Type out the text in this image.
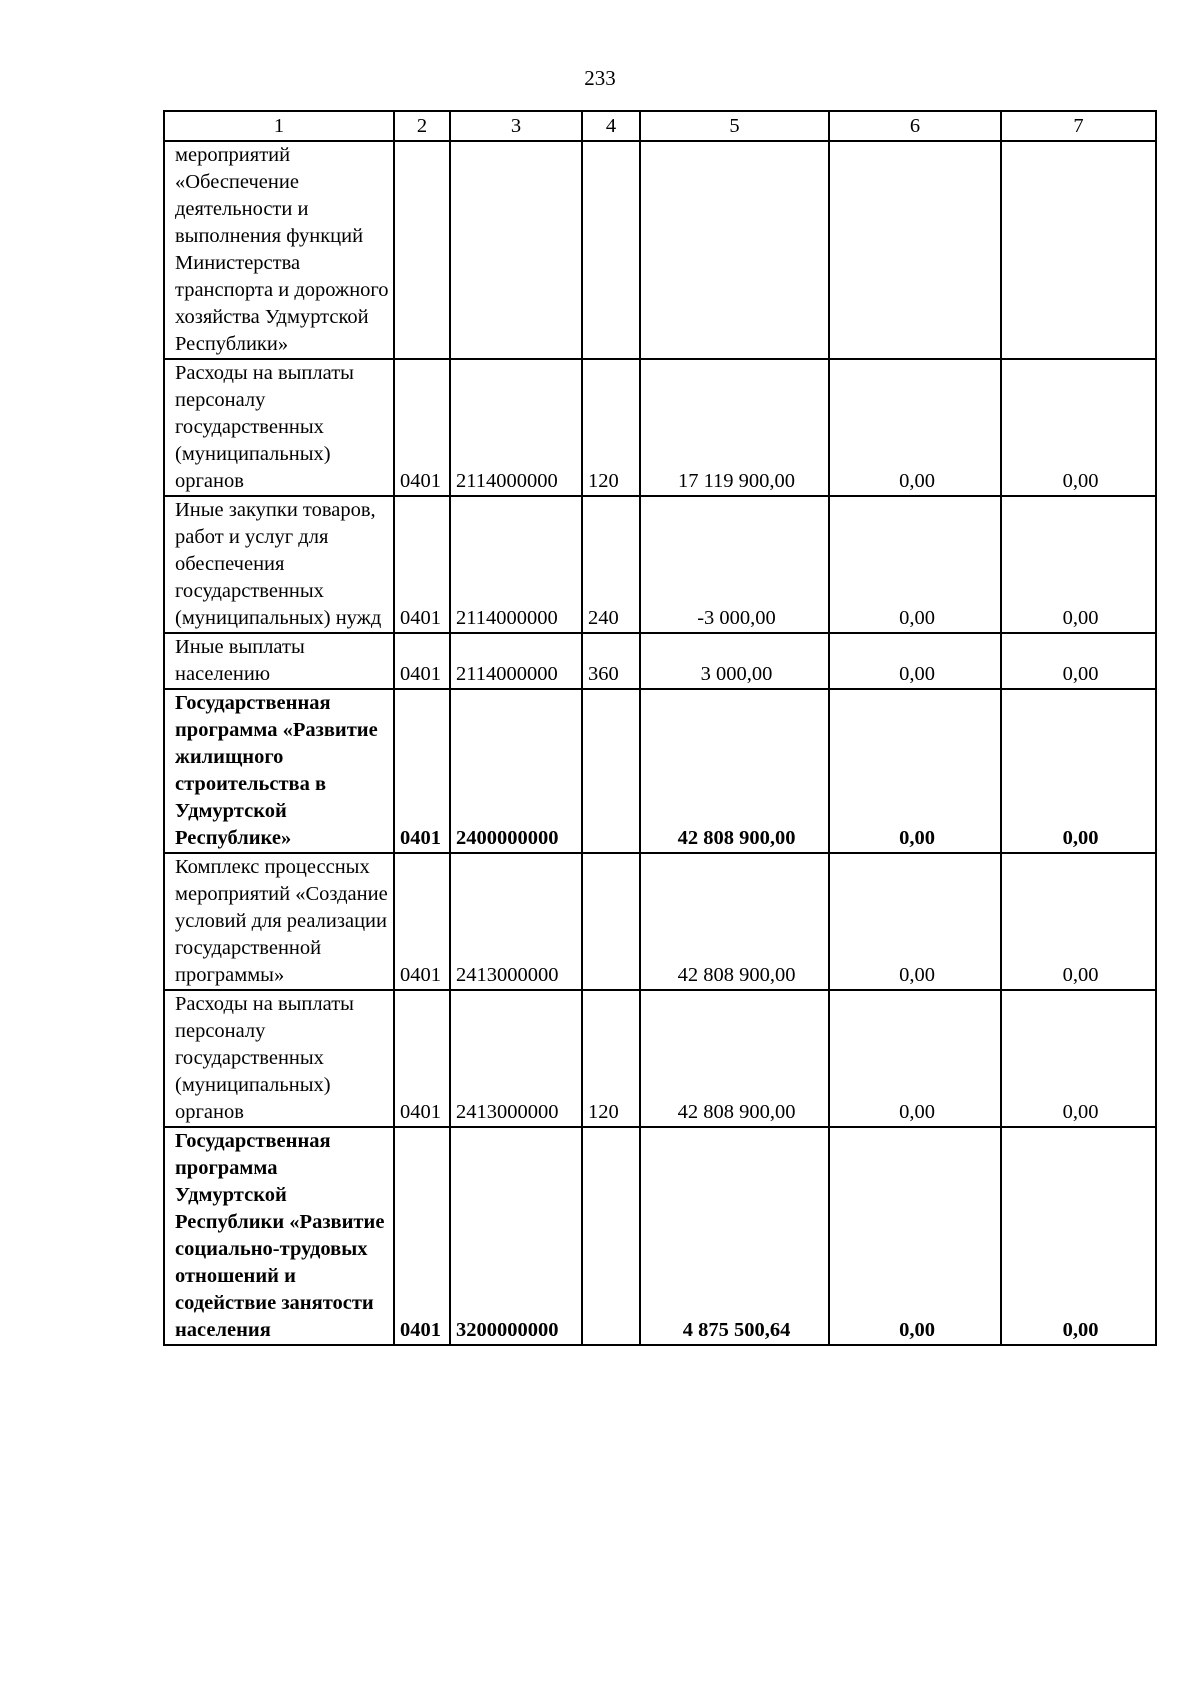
233
1	2	3	4	5	6	7
мероприятий «Обеспечение деятельности и выполнения функций Министерства транспорта и дорожного хозяйства Удмуртской Республики»						
Расходы на выплаты персоналу государственных (муниципальных) органов	0401	2114000000	120	17 119 900,00	0,00	0,00
Иные закупки товаров, работ и услуг для обеспечения государственных (муниципальных) нужд	0401	2114000000	240	-3 000,00	0,00	0,00
Иные выплаты населению	0401	2114000000	360	3 000,00	0,00	0,00
Государственная программа «Развитие жилищного строительства в Удмуртской Республике»	0401	2400000000		42 808 900,00	0,00	0,00
Комплекс процессных мероприятий «Создание условий для реализации государственной программы»	0401	2413000000		42 808 900,00	0,00	0,00
Расходы на выплаты персоналу государственных (муниципальных) органов	0401	2413000000	120	42 808 900,00	0,00	0,00
Государственная программа Удмуртской Республики «Развитие социально-трудовых отношений и содействие занятости населения	0401	3200000000		4 875 500,64	0,00	0,00
